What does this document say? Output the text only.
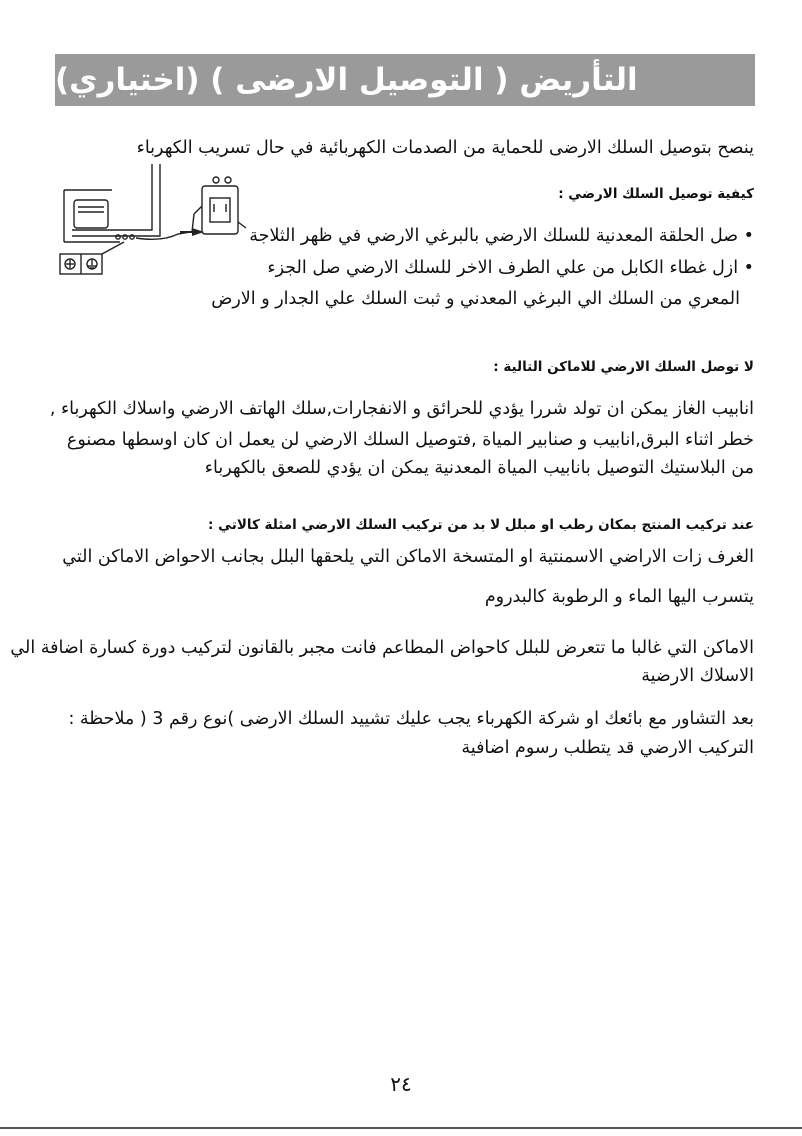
التأريض ( التوصيل الارضى ) (اختياري)
ينصح بتوصيل السلك الارضى للحماية من الصدمات الكهربائية في حال تسريب الكهرباء
كيفية توصيل السلك الارضي :
• صل الحلقة المعدنية للسلك الارضي بالبرغي الارضي في ظهر الثلاجة
• ازل غطاء الكابل من علي الطرف الاخر للسلك الارضي صل الجزء
المعري من السلك الي البرغي المعدني و ثبت السلك علي الجدار و الارض
لا توصل السلك الارضي للاماكن التالية :
انابيب الغاز يمكن ان تولد شررا يؤدي للحرائق و الانفجارات,سلك الهاتف الارضي واسلاك الكهرباء ,
خطر اثناء البرق,انابيب و صنابير المياة ,فتوصيل السلك الارضي لن يعمل ان كان اوسطها مصنوع
من البلاستيك التوصيل بانابيب المياة المعدنية يمكن ان يؤدي للصعق بالكهرباء
عند تركيب المنتج بمكان رطب او مبلل لا بد من تركيب السلك الارضي امثلة كالاتي :
الغرف زات الاراضي الاسمنتية او المتسخة الاماكن التي يلحقها البلل بجانب الاحواض الاماكن التي
يتسرب اليها الماء و الرطوبة كالبدروم
الاماكن التي غالبا ما تتعرض للبلل كاحواض المطاعم فانت مجبر بالقانون لتركيب دورة كسارة اضافة الي
الاسلاك الارضية
بعد التشاور مع بائعك او شركة الكهرباء يجب عليك تشييد السلك الارضى )نوع رقم 3 ( ملاحظة :
التركيب الارضي قد يتطلب رسوم اضافية
٢٤
